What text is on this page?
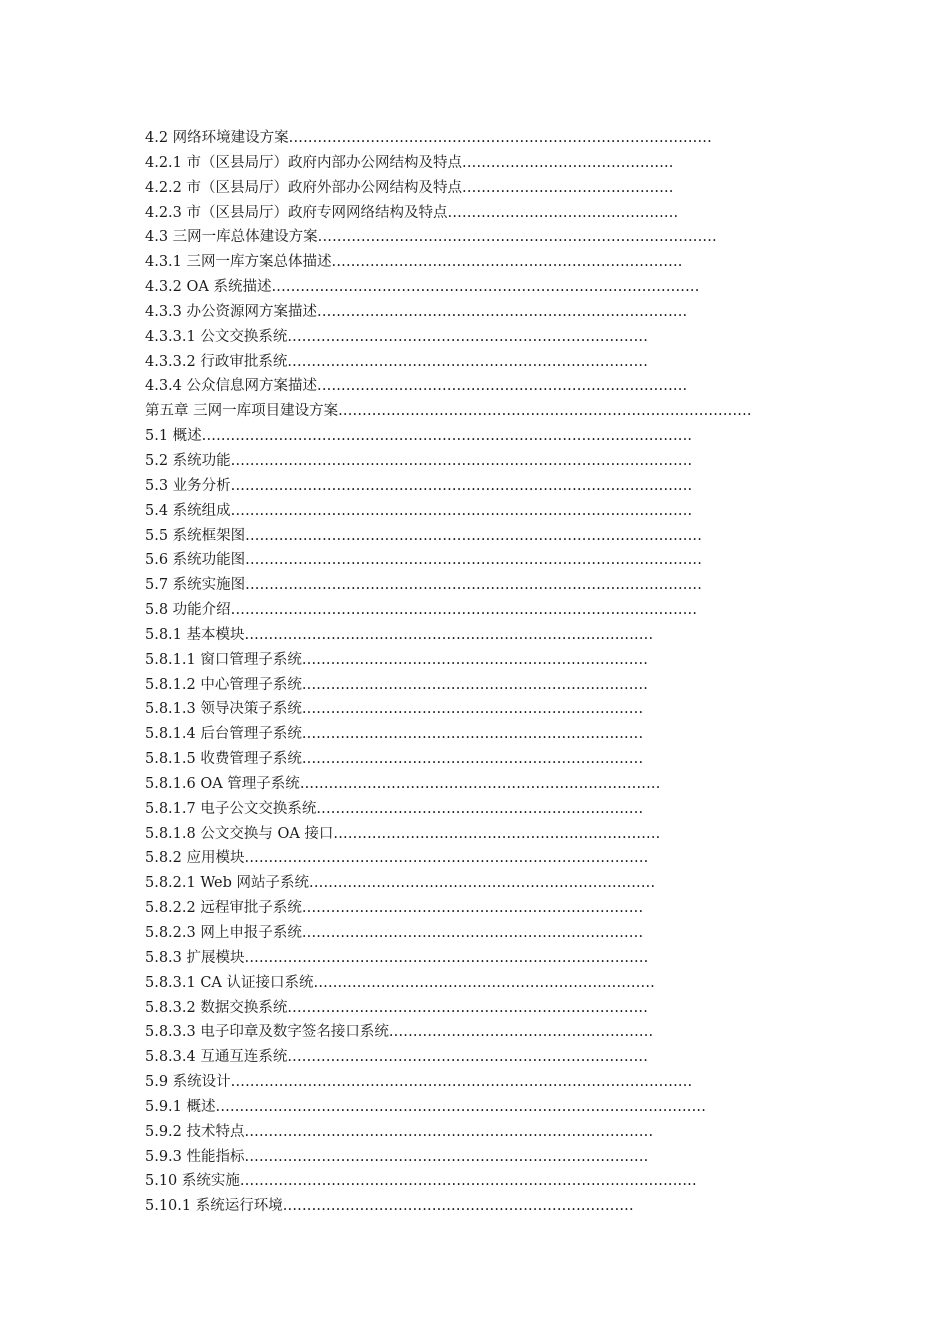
4.2 网络环境建设方案........................................................................................
4.2.1 市（区县局厅）政府内部办公网结构及特点............................................
4.2.2 市（区县局厅）政府外部办公网结构及特点............................................
4.2.3 市（区县局厅）政府专网网络结构及特点................................................
4.3 三网一库总体建设方案...................................................................................
4.3.1 三网一库方案总体描述.........................................................................
4.3.2 OA 系统描述.........................................................................................
4.3.3 办公资源网方案描述.............................................................................
4.3.3.1 公文交换系统...........................................................................
4.3.3.2 行政审批系统...........................................................................
4.3.4 公众信息网方案描述.............................................................................
第五章 三网一库项目建设方案......................................................................................
5.1 概述......................................................................................................
5.2 系统功能................................................................................................
5.3 业务分析................................................................................................
5.4 系统组成................................................................................................
5.5 系统框架图...............................................................................................
5.6 系统功能图...............................................................................................
5.7 系统实施图...............................................................................................
5.8 功能介绍.................................................................................................
5.8.1 基本模块.....................................................................................
5.8.1.1 窗口管理子系统........................................................................
5.8.1.2 中心管理子系统........................................................................
5.8.1.3 领导决策子系统.......................................................................
5.8.1.4 后台管理子系统.......................................................................
5.8.1.5 收费管理子系统.......................................................................
5.8.1.6 OA 管理子系统...........................................................................
5.8.1.7 电子公文交换系统....................................................................
5.8.1.8 公文交换与 OA 接口....................................................................
5.8.2 应用模块....................................................................................
5.8.2.1 Web 网站子系统........................................................................
5.8.2.2 远程审批子系统.......................................................................
5.8.2.3 网上申报子系统.......................................................................
5.8.3 扩展模块....................................................................................
5.8.3.1 CA 认证接口系统.......................................................................
5.8.3.2 数据交换系统...........................................................................
5.8.3.3 电子印章及数字签名接口系统.......................................................
5.8.3.4 互通互连系统...........................................................................
5.9 系统设计................................................................................................
5.9.1 概述......................................................................................................
5.9.2 技术特点.....................................................................................
5.9.3 性能指标....................................................................................
5.10 系统实施...............................................................................................
5.10.1 系统运行环境.........................................................................
